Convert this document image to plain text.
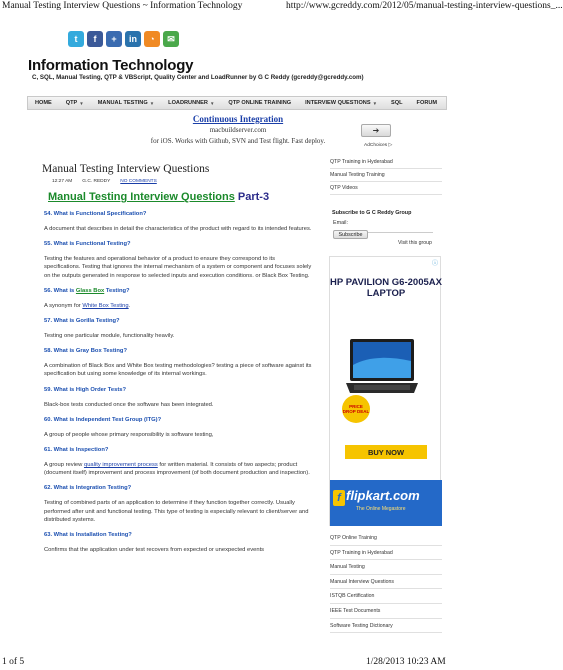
Manual Testing Interview Questions ~ Information Technology	http://www.gcreddy.com/2012/05/manual-testing-interview-questions_...
t	f	+	in	◔	✉
Information Technology
C, SQL, Manual Testing, QTP & VBScript, Quality Center and LoadRunner by G C Reddy (gcreddy@gcreddy.com)
HOME	QTP ▼	MANUAL TESTING ▼	LOADRUNNER ▼	QTP ONLINE TRAINING	INTERVIEW QUESTIONS ▼	SQL	FORUM
Continuous Integration
macbuildserver.com
for iOS. Works with Github, SVN and Test flight. Fast deploy.
➔
AdChoices ▷
Manual Testing Interview Questions
12:27 AM G.C. REDDY NO COMMENTS
Manual Testing Interview Questions Part-3
54. What is Functional Specification?
A document that describes in detail the characteristics of the product with regard to its intended features.
55. What is Functional Testing?
Testing the features and operational behavior of a product to ensure they correspond to its specifications. Testing that ignores the internal mechanism of a system or component and focuses solely on the outputs generated in response to selected inputs and execution conditions. or Black Box Testing.
56. What is Glass Box Testing?
A synonym for White Box Testing.
57. What is Gorilla Testing?
Testing one particular module, functionality heavily.
58. What is Gray Box Testing?
A combination of Black Box and White Box testing methodologies? testing a piece of software against its specification but using some knowledge of its internal workings.
59. What is High Order Tests?
Black-box tests conducted once the software has been integrated.
60. What is Independent Test Group (ITG)?
A group of people whose primary responsibility is software testing,
61. What is Inspection?
A group review quality improvement process for written material. It consists of two aspects; product (document itself) improvement and process improvement (of both document production and inspection).
62. What is Integration Testing?
Testing of combined parts of an application to determine if they function together correctly. Usually performed after unit and functional testing. This type of testing is especially relevant to client/server and distributed systems.
63. What is Installation Testing?
Confirms that the application under test recovers from expected or unexpected events
QTP Training in Hyderabad
Manual Testing Training
QTP Videos
Subscribe to G C Reddy Group
Email:
Subscribe
Visit this group
ⓘ
HP PAVILION G6-2005AX LAPTOP
PRICE DROP DEAL
BUY NOW
f flipkart.com
The Online Megastore
QTP Online Training
QTP Training in Hyderabad
Manual Testing
Manual Interview Questions
ISTQB Certification
IEEE Test Documents
Software Testing Dictionary
1 of 5	1/28/2013 10:23 AM
